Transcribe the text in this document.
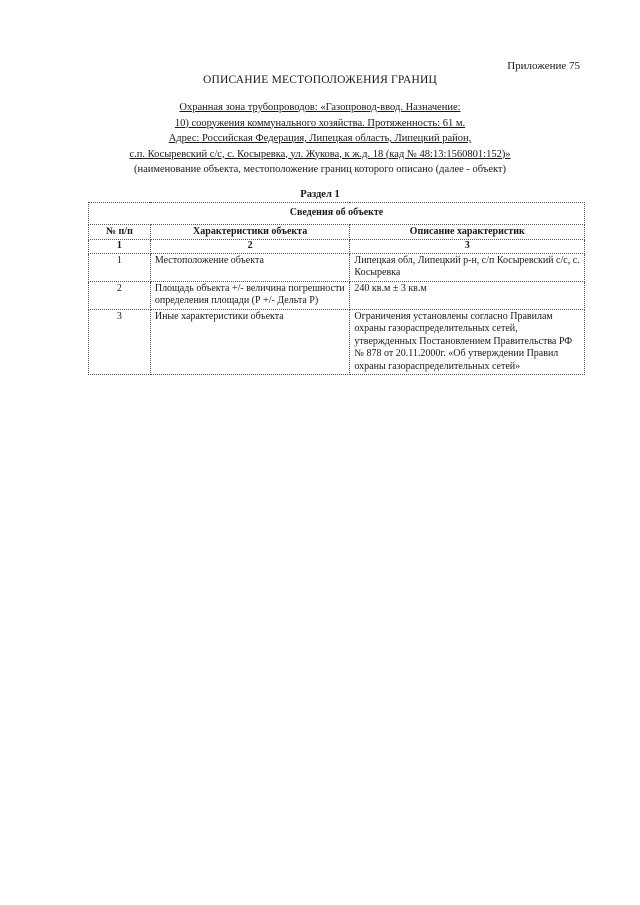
Приложение 75
ОПИСАНИЕ МЕСТОПОЛОЖЕНИЯ ГРАНИЦ
Охранная зона трубопроводов: «Газопровод-ввод. Назначение:
10) сооружения коммунального хозяйства. Протяженность: 61 м.
Адрес: Российская Федерация, Липецкая область, Липецкий район,
с.п. Косыревский с/с, с. Косыревка, ул. Жукова, к ж.д. 18 (кад № 48:13:1560801:152)»
(наименование объекта, местоположение границ которого описано (далее - объект)
Раздел 1
Сведения об объекте		
№ п/п	Характеристики объекта	Описание характеристик
1	2	3
1	Местоположение объекта	Липецкая обл, Липецкий р-н, с/п Косыревский с/с, с. Косыревка
2	Площадь объекта +/- величина погрешности определения площади (Р +/- Дельта Р)	240 кв.м ± 3 кв.м
3	Иные характеристики объекта	Ограничения установлены согласно Правилам охраны газораспределительных сетей, утвержденных Постановлением Правительства РФ № 878 от 20.11.2000г. «Об утверждении Правил охраны газораспределительных сетей»
